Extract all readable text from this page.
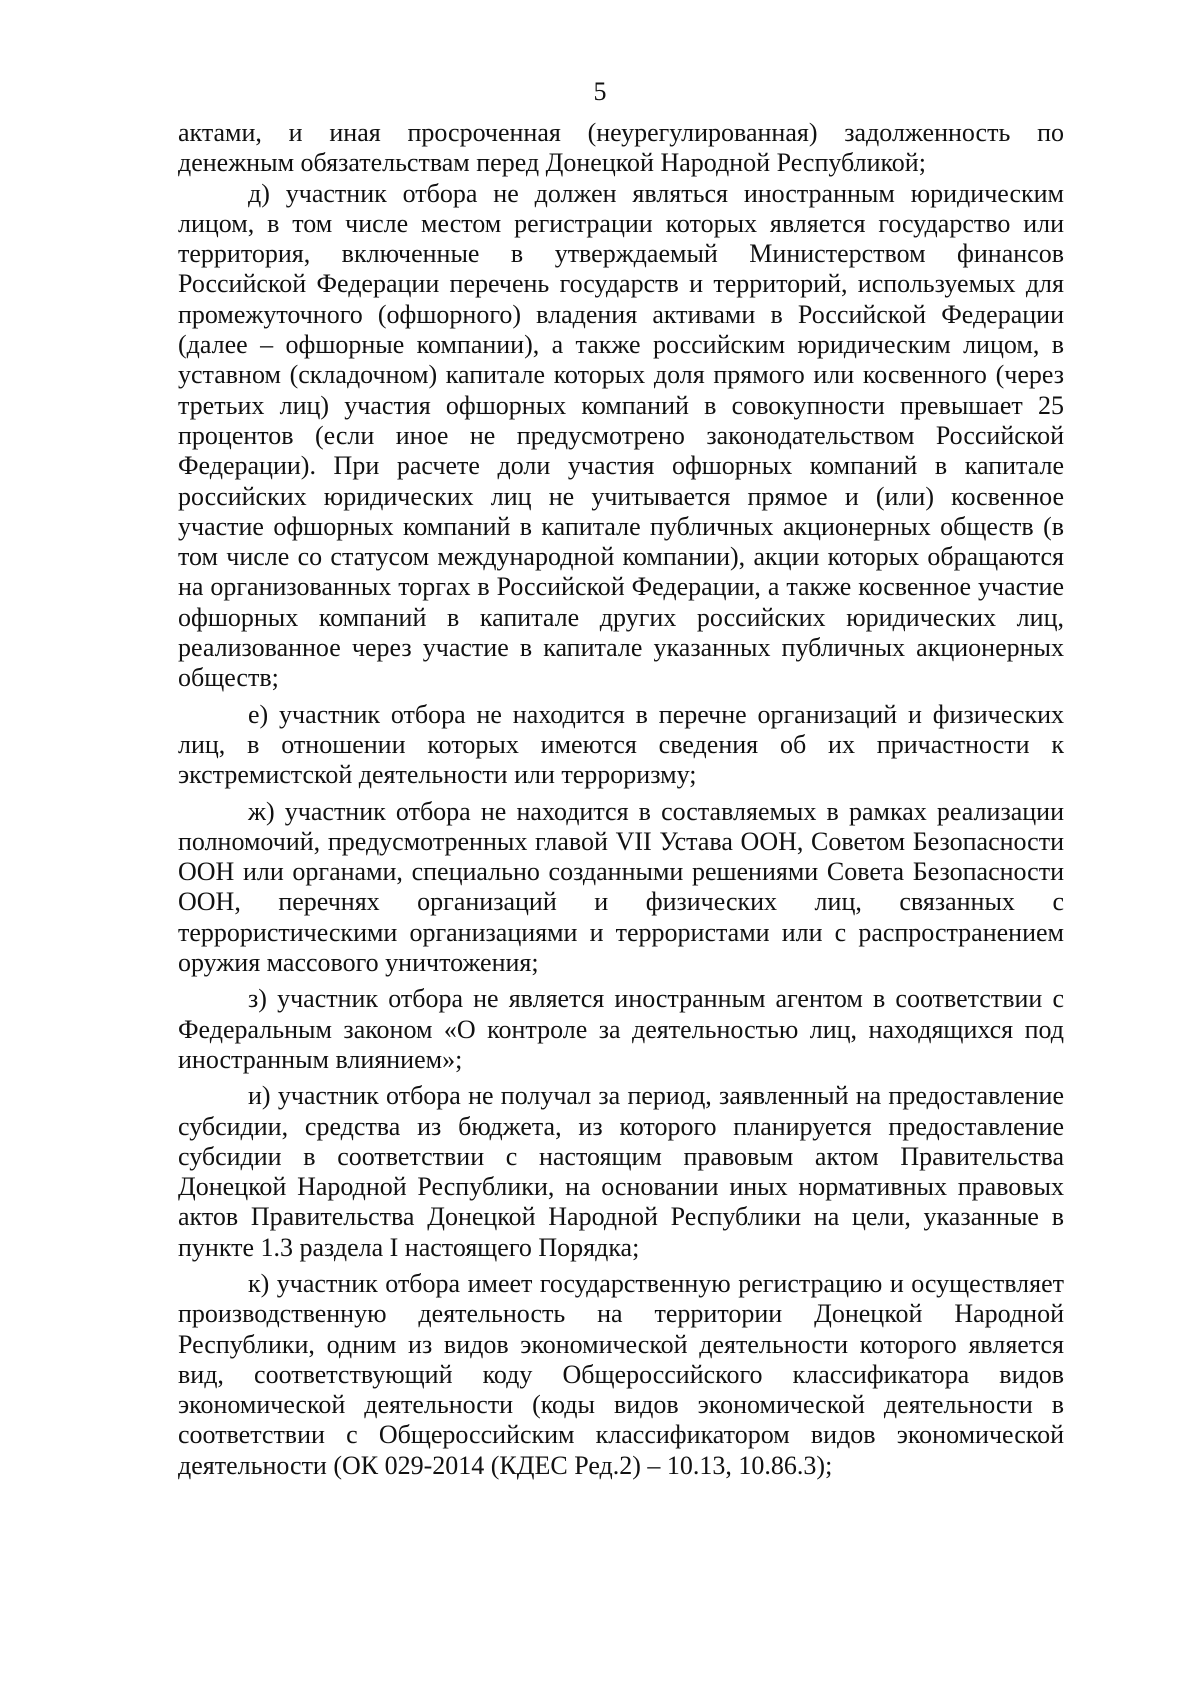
5

актами, и иная просроченная (неурегулированная) задолженность по денежным обязательствам перед Донецкой Народной Республикой;

д) участник отбора не должен являться иностранным юридическим лицом, в том числе местом регистрации которых является государство или территория, включенные в утверждаемый Министерством финансов Российской Федерации перечень государств и территорий, используемых для промежуточного (офшорного) владения активами в Российской Федерации (далее – офшорные компании), а также российским юридическим лицом, в уставном (складочном) капитале которых доля прямого или косвенного (через третьих лиц) участия офшорных компаний в совокупности превышает 25 процентов (если иное не предусмотрено законодательством Российской Федерации). При расчете доли участия офшорных компаний в капитале российских юридических лиц не учитывается прямое и (или) косвенное участие офшорных компаний в капитале публичных акционерных обществ (в том числе со статусом международной компании), акции которых обращаются на организованных торгах в Российской Федерации, а также косвенное участие офшорных компаний в капитале других российских юридических лиц, реализованное через участие в капитале указанных публичных акционерных обществ;

е) участник отбора не находится в перечне организаций и физических лиц, в отношении которых имеются сведения об их причастности к экстремистской деятельности или терроризму;

ж) участник отбора не находится в составляемых в рамках реализации полномочий, предусмотренных главой VII Устава ООН, Советом Безопасности ООН или органами, специально созданными решениями Совета Безопасности ООН, перечнях организаций и физических лиц, связанных с террористическими организациями и террористами или с распространением оружия массового уничтожения;

з) участник отбора не является иностранным агентом в соответствии с Федеральным законом «О контроле за деятельностью лиц, находящихся под иностранным влиянием»;

и) участник отбора не получал за период, заявленный на предоставление субсидии, средства из бюджета, из которого планируется предоставление субсидии в соответствии с настоящим правовым актом Правительства Донецкой Народной Республики, на основании иных нормативных правовых актов Правительства Донецкой Народной Республики на цели, указанные в пункте 1.3 раздела I настоящего Порядка;

к) участник отбора имеет государственную регистрацию и осуществляет производственную деятельность на территории Донецкой Народной Республики, одним из видов экономической деятельности которого является вид, соответствующий коду Общероссийского классификатора видов экономической деятельности (коды видов экономической деятельности в соответствии с Общероссийским классификатором видов экономической деятельности (ОК 029-2014 (КДЕС Ред.2) – 10.13, 10.86.3);
